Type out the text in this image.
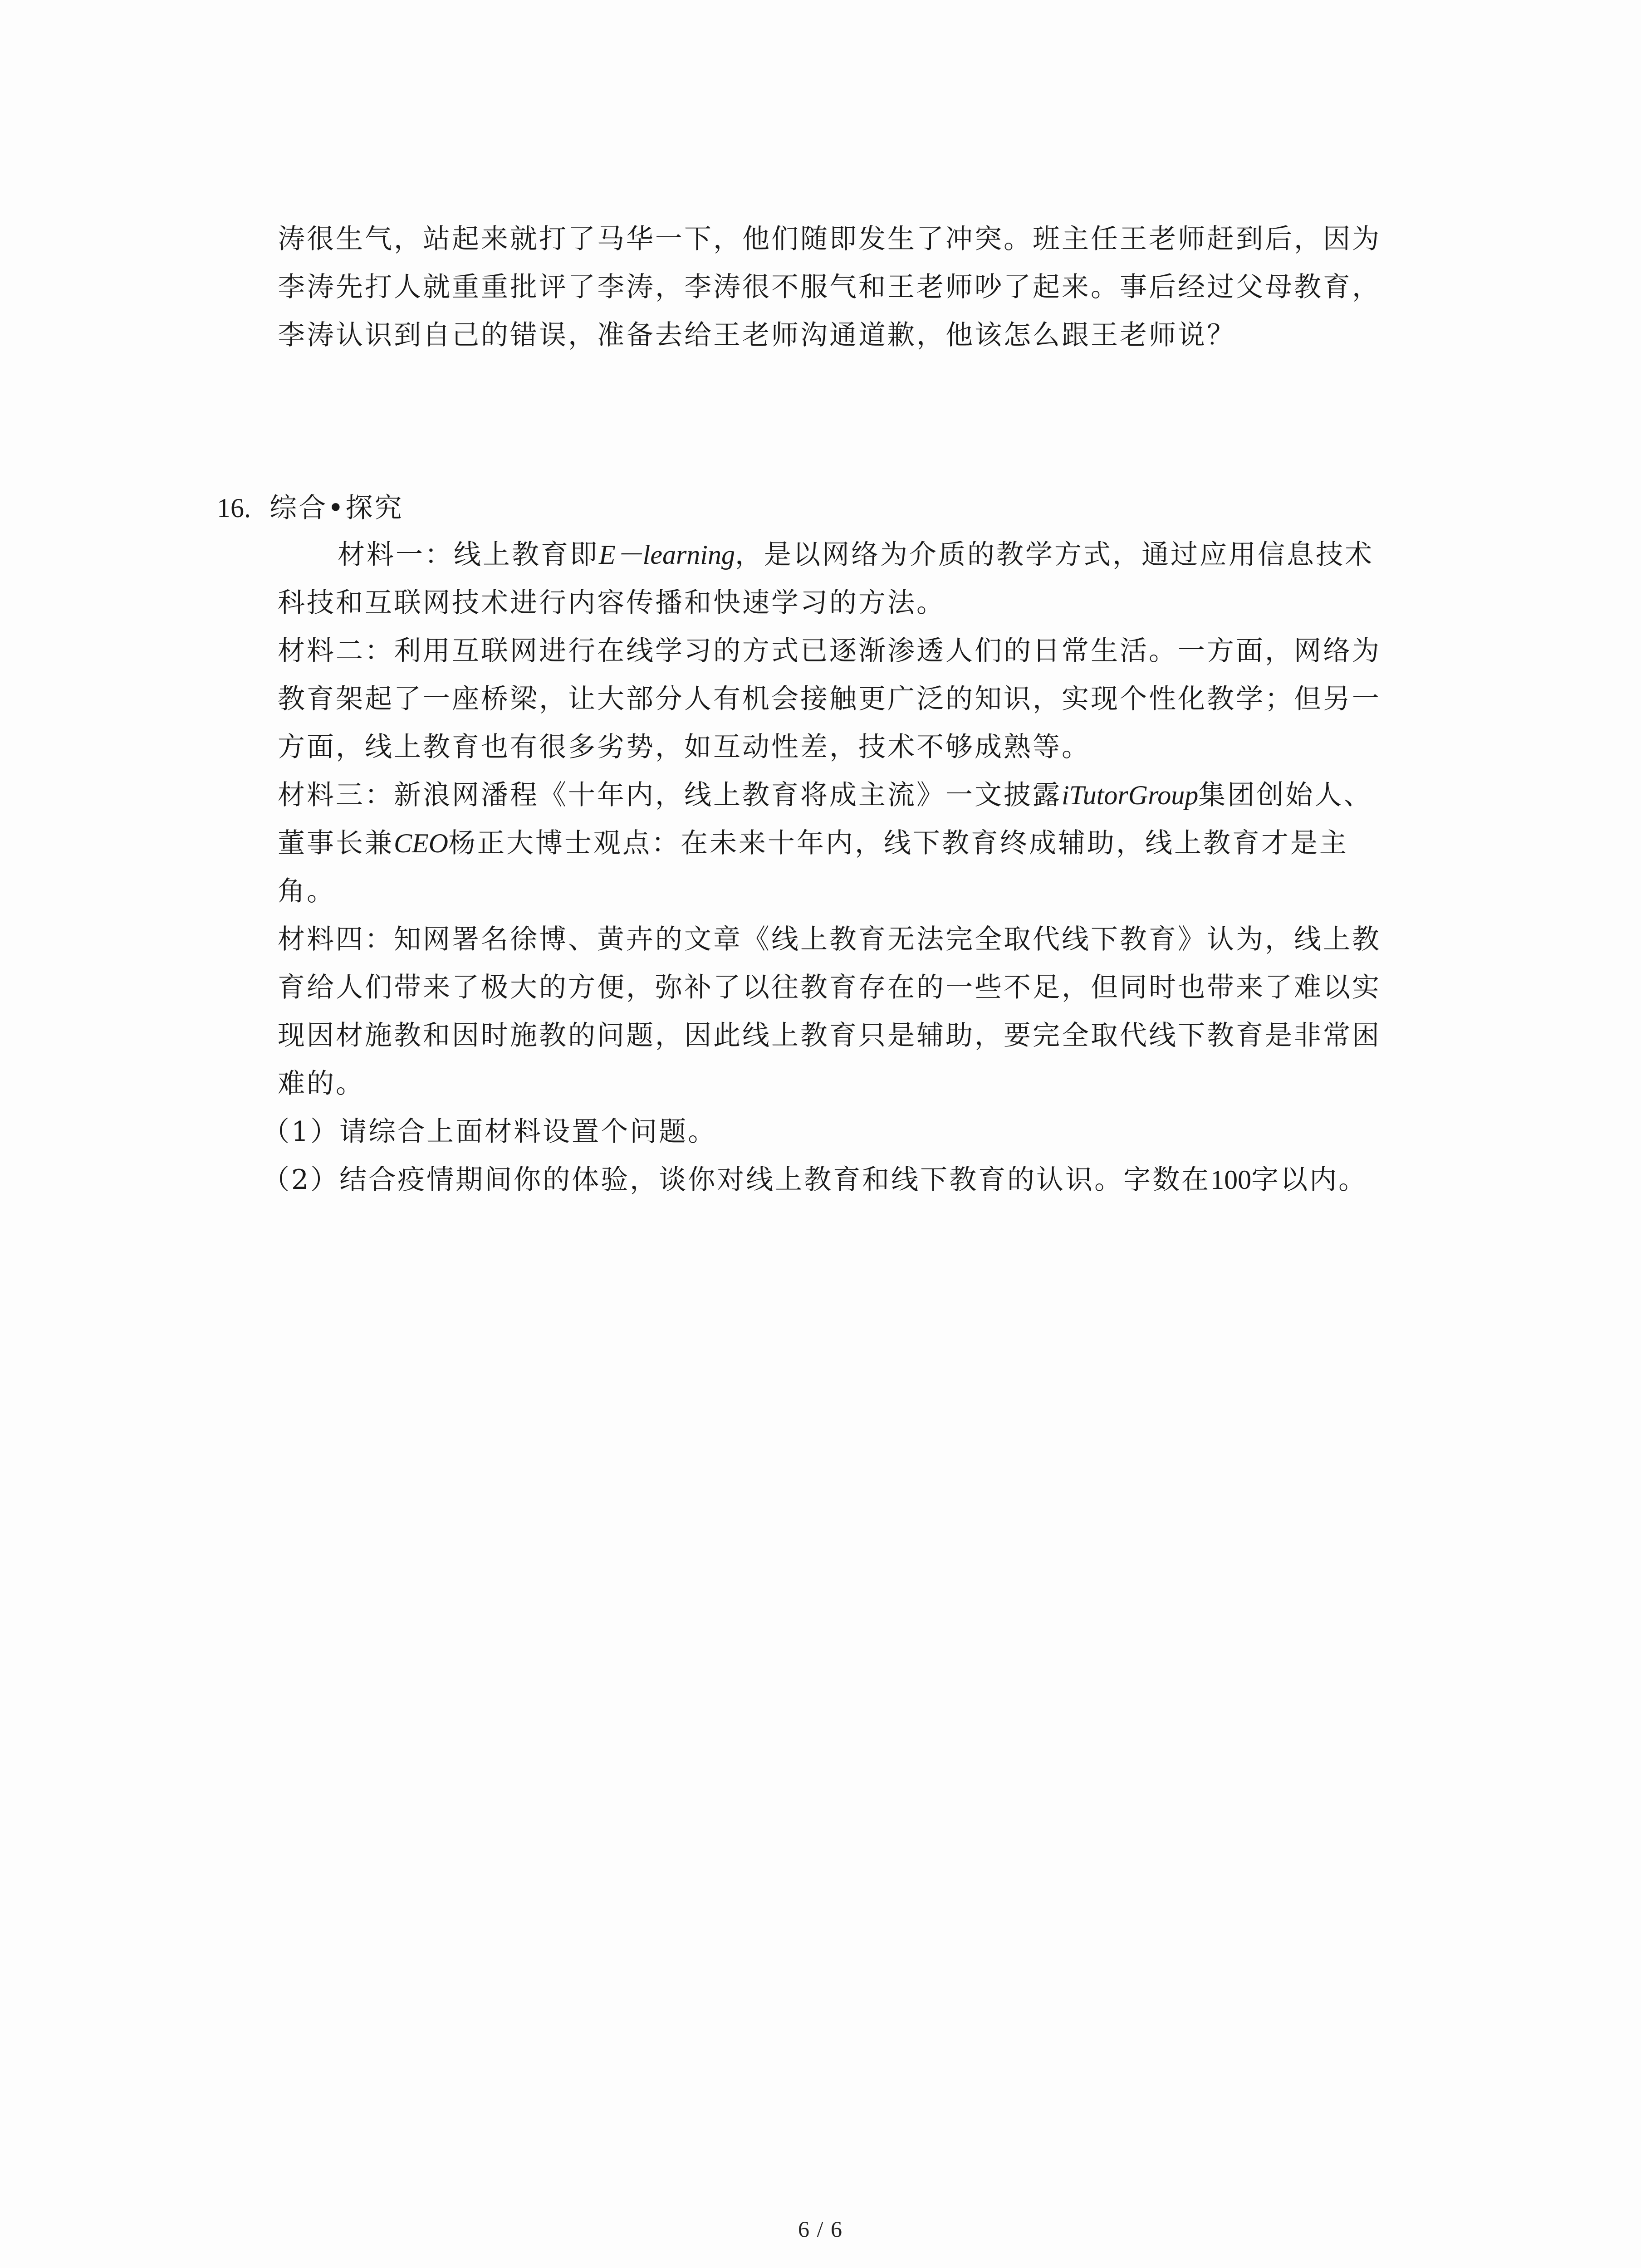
涛很生气，站起来就打了马华一下，他们随即发生了冲突。班主任王老师赶到后，因为
李涛先打人就重重批评了李涛，李涛很不服气和王老师吵了起来。事后经过父母教育，
李涛认识到自己的错误，准备去给王老师沟通道歉，他该怎么跟王老师说？
16. 综合•探究
材料一：线上教育即E－learning，是以网络为介质的教学方式，通过应用信息技术
科技和互联网技术进行内容传播和快速学习的方法。
材料二：利用互联网进行在线学习的方式已逐渐渗透人们的日常生活。一方面，网络为
教育架起了一座桥梁，让大部分人有机会接触更广泛的知识，实现个性化教学；但另一
方面，线上教育也有很多劣势，如互动性差，技术不够成熟等。
材料三：新浪网潘程《十年内，线上教育将成主流》一文披露iTutorGroup集团创始人、
董事长兼CEO杨正大博士观点：在未来十年内，线下教育终成辅助，线上教育才是主
角。
材料四：知网署名徐博、黄卉的文章《线上教育无法完全取代线下教育》认为，线上教
育给人们带来了极大的方便，弥补了以往教育存在的一些不足，但同时也带来了难以实
现因材施教和因时施教的问题，因此线上教育只是辅助，要完全取代线下教育是非常困
难的。
（1）请综合上面材料设置个问题。
（2）结合疫情期间你的体验，谈你对线上教育和线下教育的认识。字数在100字以内。
6 / 6
